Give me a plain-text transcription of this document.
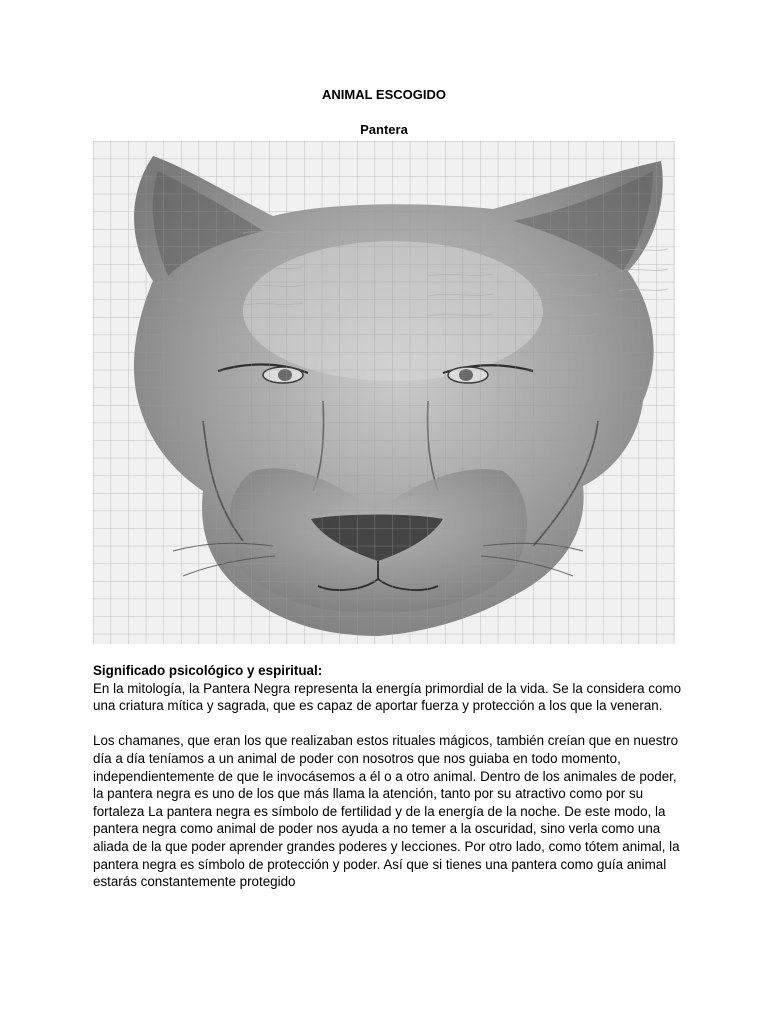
ANIMAL ESCOGIDO
Pantera
Significado psicológico y espiritual:

En la mitología, la Pantera Negra representa la energía primordial de la vida. Se la considera como una criatura mítica y sagrada, que es capaz de aportar fuerza y protección a los que la veneran.

Los chamanes, que eran los que realizaban estos rituales mágicos, también creían que en nuestro día a día teníamos a un animal de poder con nosotros que nos guiaba en todo momento, independientemente de que le invocásemos a él o a otro animal. Dentro de los animales de poder, la pantera negra es uno de los que más llama la atención, tanto por su atractivo como por su fortaleza La pantera negra es símbolo de fertilidad y de la energía de la noche. De este modo, la pantera negra como animal de poder nos ayuda a no temer a la oscuridad, sino verla como una aliada de la que poder aprender grandes poderes y lecciones. Por otro lado, como tótem animal, la pantera negra es símbolo de protección y poder. Así que si tienes una pantera como guía animal estarás constantemente protegido
